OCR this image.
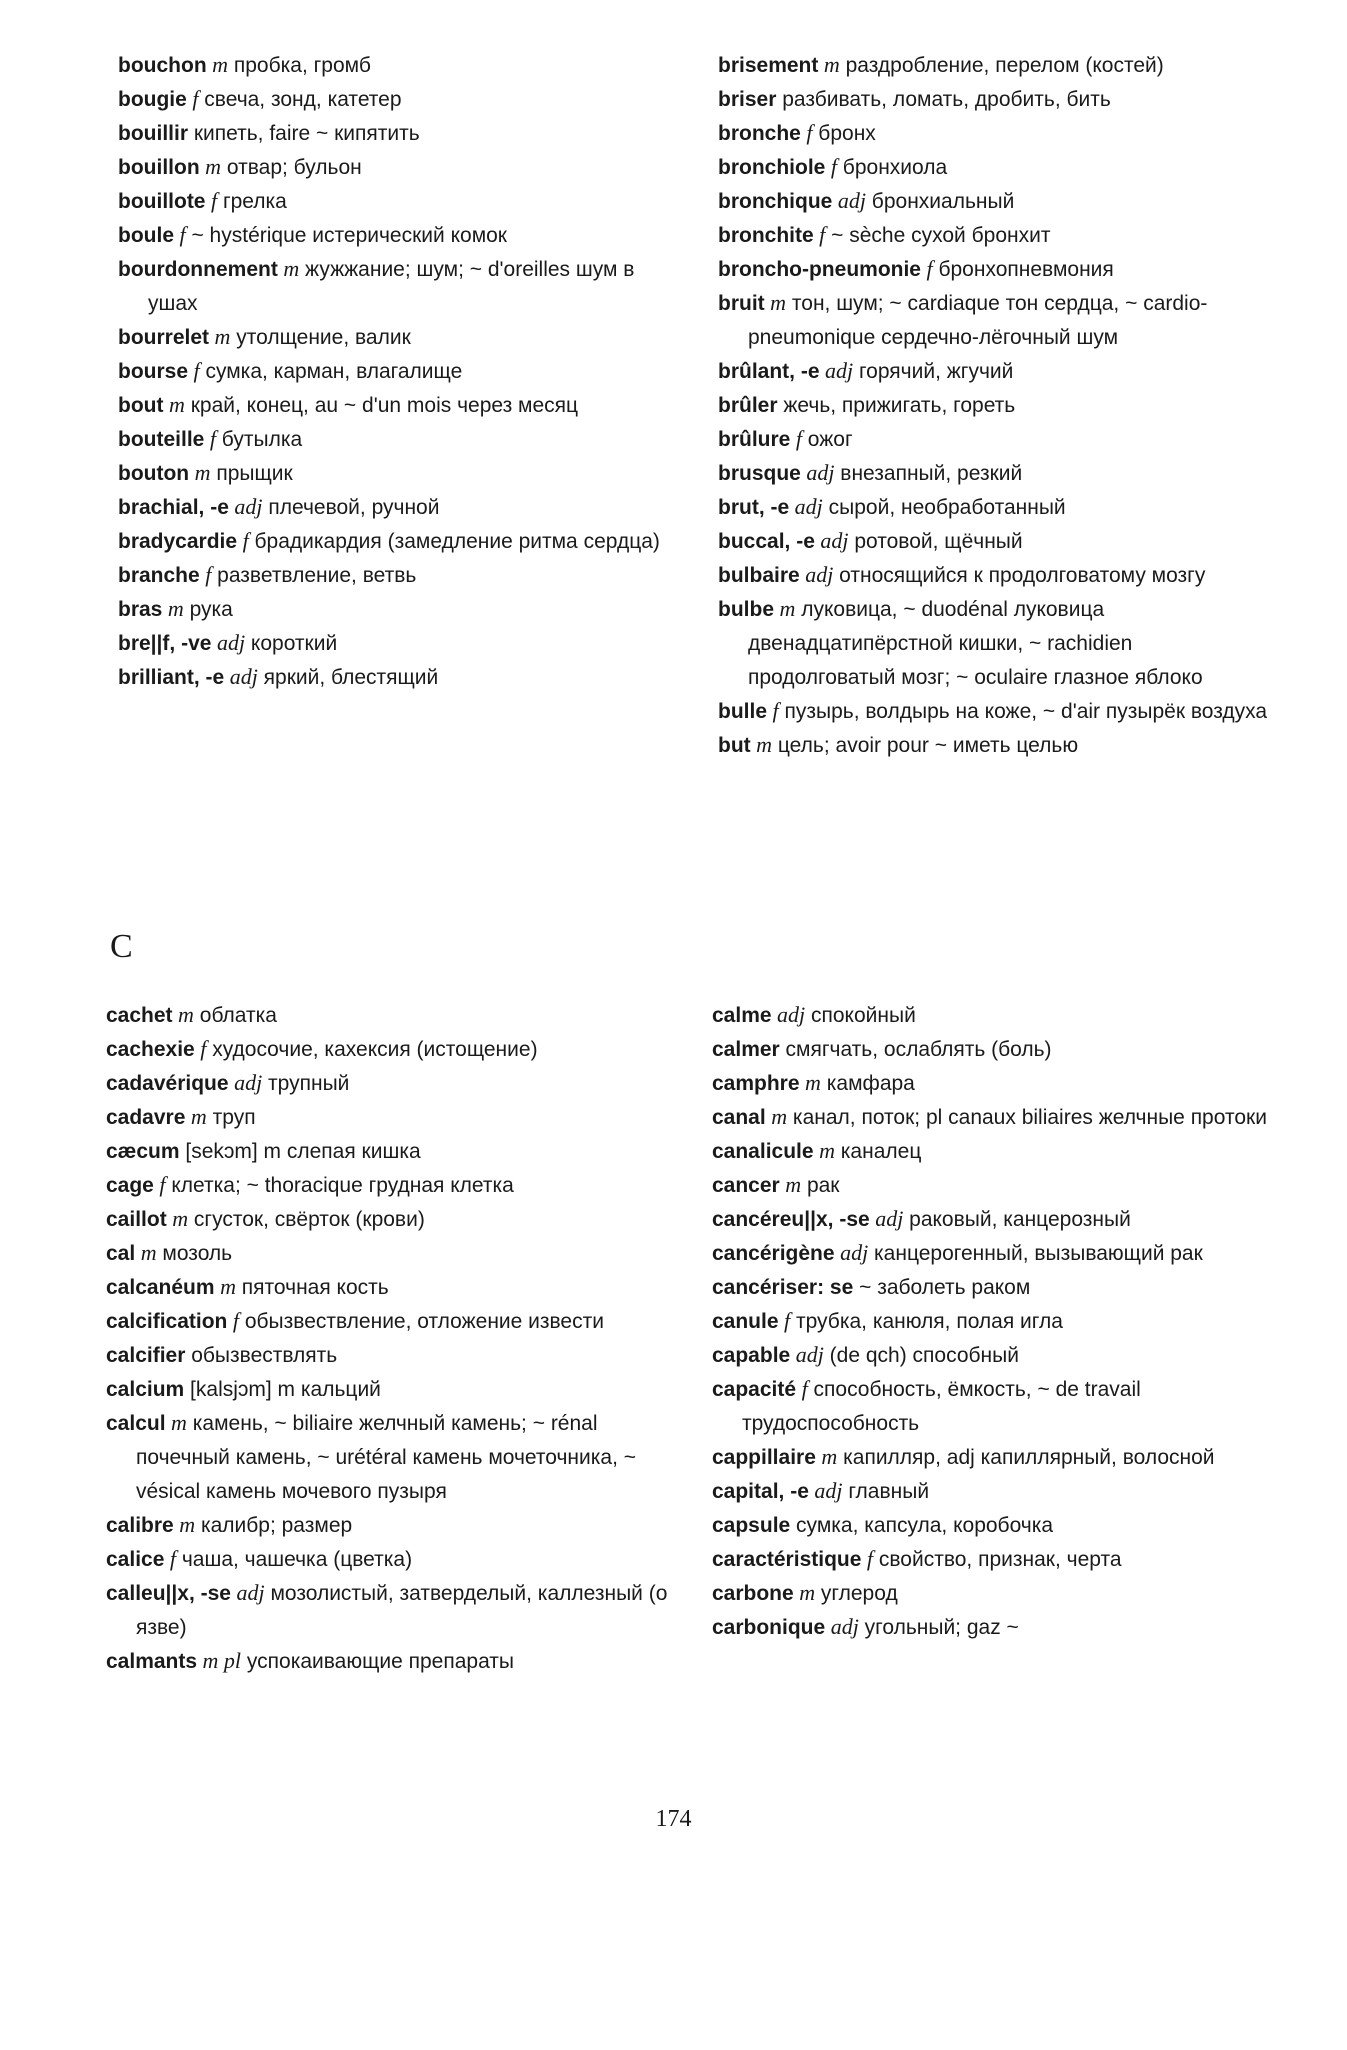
bouchon m пробка, громб
bougie f свеча, зонд, катетер
bouillir кипеть, faire ~ кипятить
bouillon m отвар; бульон
bouillote f грелка
boule f ~ hystérique истерический комок
bourdonnement m жужжание; шум; ~ d'oreilles шум в ушах
bourrelet m утолщение, валик
bourse f сумка, карман, влагалище
bout m край, конец, au ~ d'un mois через месяц
bouteille f бутылка
bouton m прыщик
brachial, -e adj плечевой, ручной
bradycardie f брадикардия (замедление ритма сердца)
branche f разветвление, ветвь
bras m рука
bre||f, -ve adj короткий
brilliant, -e adj яркий, блестящий
brisement m раздробление, перелом (костей)
briser разбивать, ломать, дробить, бить
bronche f бронх
bronchiole f бронхиола
bronchique adj бронхиальный
bronchite f ~ sèche сухой бронхит
broncho-pneumonie f бронхопневмония
bruit m тон, шум; ~ cardiaque тон сердца, ~ cardio-pneumonique сердечно-лёгочный шум
brûlant, -e adj горячий, жгучий
brûler жечь, прижигать, гореть
brûlure f ожог
brusque adj внезапный, резкий
brut, -e adj сырой, необработанный
buccal, -e adj ротовой, щёчный
bulbaire adj относящийся к продолговатому мозгу
bulbe m луковица, ~ duodénal луковица двенадцатипёрстной кишки, ~ rachidien продолговатый мозг; ~ oculaire глазное яблоко
bulle f пузырь, волдырь на коже, ~ d'air пузырёк воздуха
but m цель; avoir pour ~ иметь целью
C
cachet m облатка
cachexie f худосочие, кахексия (истощение)
cadavérique adj трупный
cadavre m труп
cæcum [sekɔm] m слепая кишка
cage f клетка; ~ thoracique грудная клетка
caillot m сгусток, свёрток (крови)
cal m мозоль
calcanéum m пяточная кость
calcification f обызвествление, отложение извести
calcifier обызвествлять
calcium [kalsjɔm] m кальций
calcul m камень, ~ biliaire желчный камень; ~ rénal почечный камень, ~ urétéral камень мочеточника, ~ vésical камень мочевого пузыря
calibre m калибр; размер
calice f чаша, чашечка (цветка)
calleu||x, -se adj мозолистый, затверделый, каллезный (о язве)
calmants m pl успокаивающие препараты
calme adj спокойный
calmer смягчать, ослаблять (боль)
camphre m камфара
canal m канал, поток; pl canaux biliaires желчные протоки
canalicule m каналец
cancer m рак
cancéreu||x, -se adj раковый, канцерозный
cancérigène adj канцерогенный, вызывающий рак
cancériser: se ~ заболеть раком
canule f трубка, канюля, полая игла
capable adj (de qch) способный
capacité f способность, ёмкость, ~ de travail трудоспособность
cappillaire m капилляр, adj капиллярный, волосной
capital, -e adj главный
capsule сумка, капсула, коробочка
caractéristique f свойство, признак, черта
carbone m углерод
carbonique adj угольный; gaz ~
174
